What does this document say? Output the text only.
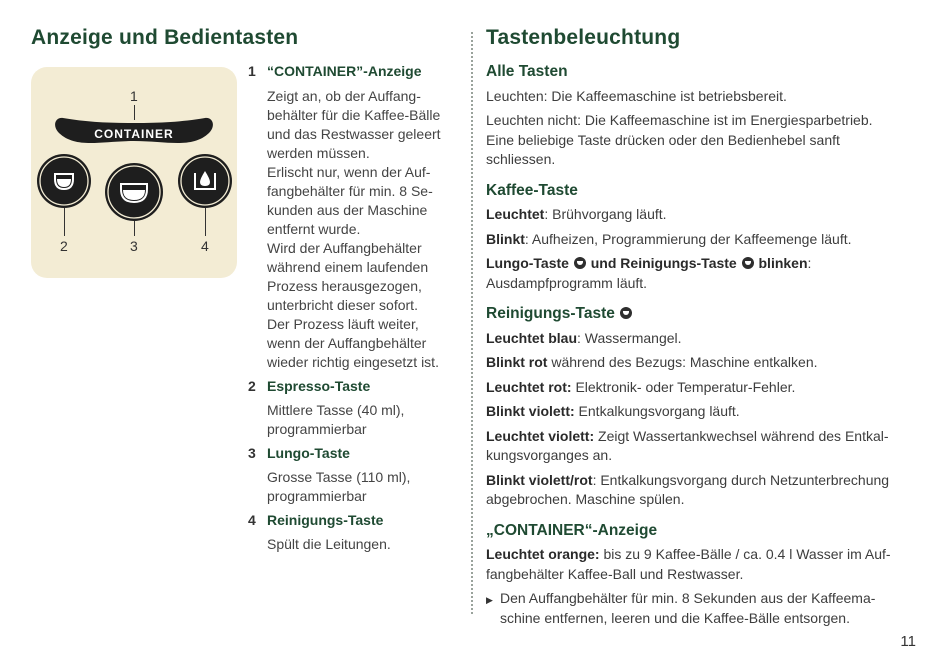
Anzeige und Bedientasten	Tastenbeleuchtung
CONTAINER
1
2	3	4
1 “CONTAINER”-Anzeige

Zeigt an, ob der Auffang-

behälter für die Kaffee-Bälle

und das Restwasser geleert

werden müssen.

Erlischt nur, wenn der Auf-

fangbehälter für min. 8 Se-

kunden aus der Maschine

entfernt wurde.

Wird der Auffangbehälter

während einem laufenden

Prozess herausgezogen,

unterbricht dieser sofort.

Der Prozess läuft weiter,

wenn der Auffangbehälter

wieder richtig eingesetzt ist.

2 Espresso-Taste

Mittlere Tasse (40 ml),

programmierbar

3 Lungo-Taste

Grosse Tasse (110 ml),

programmierbar

4 Reinigungs-Taste

Spült die Leitungen.

Alle Tasten

Leuchten: Die Kaffeemaschine ist betriebsbereit.

Leuchten nicht: Die Kaffeemaschine ist im Energiesparbetrieb.

Eine beliebige Taste drücken oder den Bedienhebel sanft

schliessen.

Kaffee-Taste

Leuchtet: Brühvorgang läuft.

Blinkt: Aufheizen, Programmierung der Kaffeemenge läuft.

Lungo-Taste und Reinigungs-Taste blinken:

Ausdampfprogramm läuft.

Reinigungs-Taste

Leuchtet blau: Wassermangel.

Blinkt rot während des Bezugs: Maschine entkalken.

Leuchtet rot: Elektronik- oder Temperatur-Fehler.

Blinkt violett: Entkalkungsvorgang läuft.

Leuchtet violett: Zeigt Wassertankwechsel während des Entkal-

kungsvorganges an.

Blinkt violett/rot: Entkalkungsvorgang durch Netzunterbrechung

abgebrochen. Maschine spülen.

„CONTAINER“-Anzeige

Leuchtet orange: bis zu 9 Kaffee-Bälle / ca. 0.4 l Wasser im Auf-

fangbehälter Kaffee-Ball und Restwasser.

▶ Den Auffangbehälter für min. 8 Sekunden aus der Kaffeema-

schine entfernen, leeren und die Kaffee-Bälle entsorgen.

11
